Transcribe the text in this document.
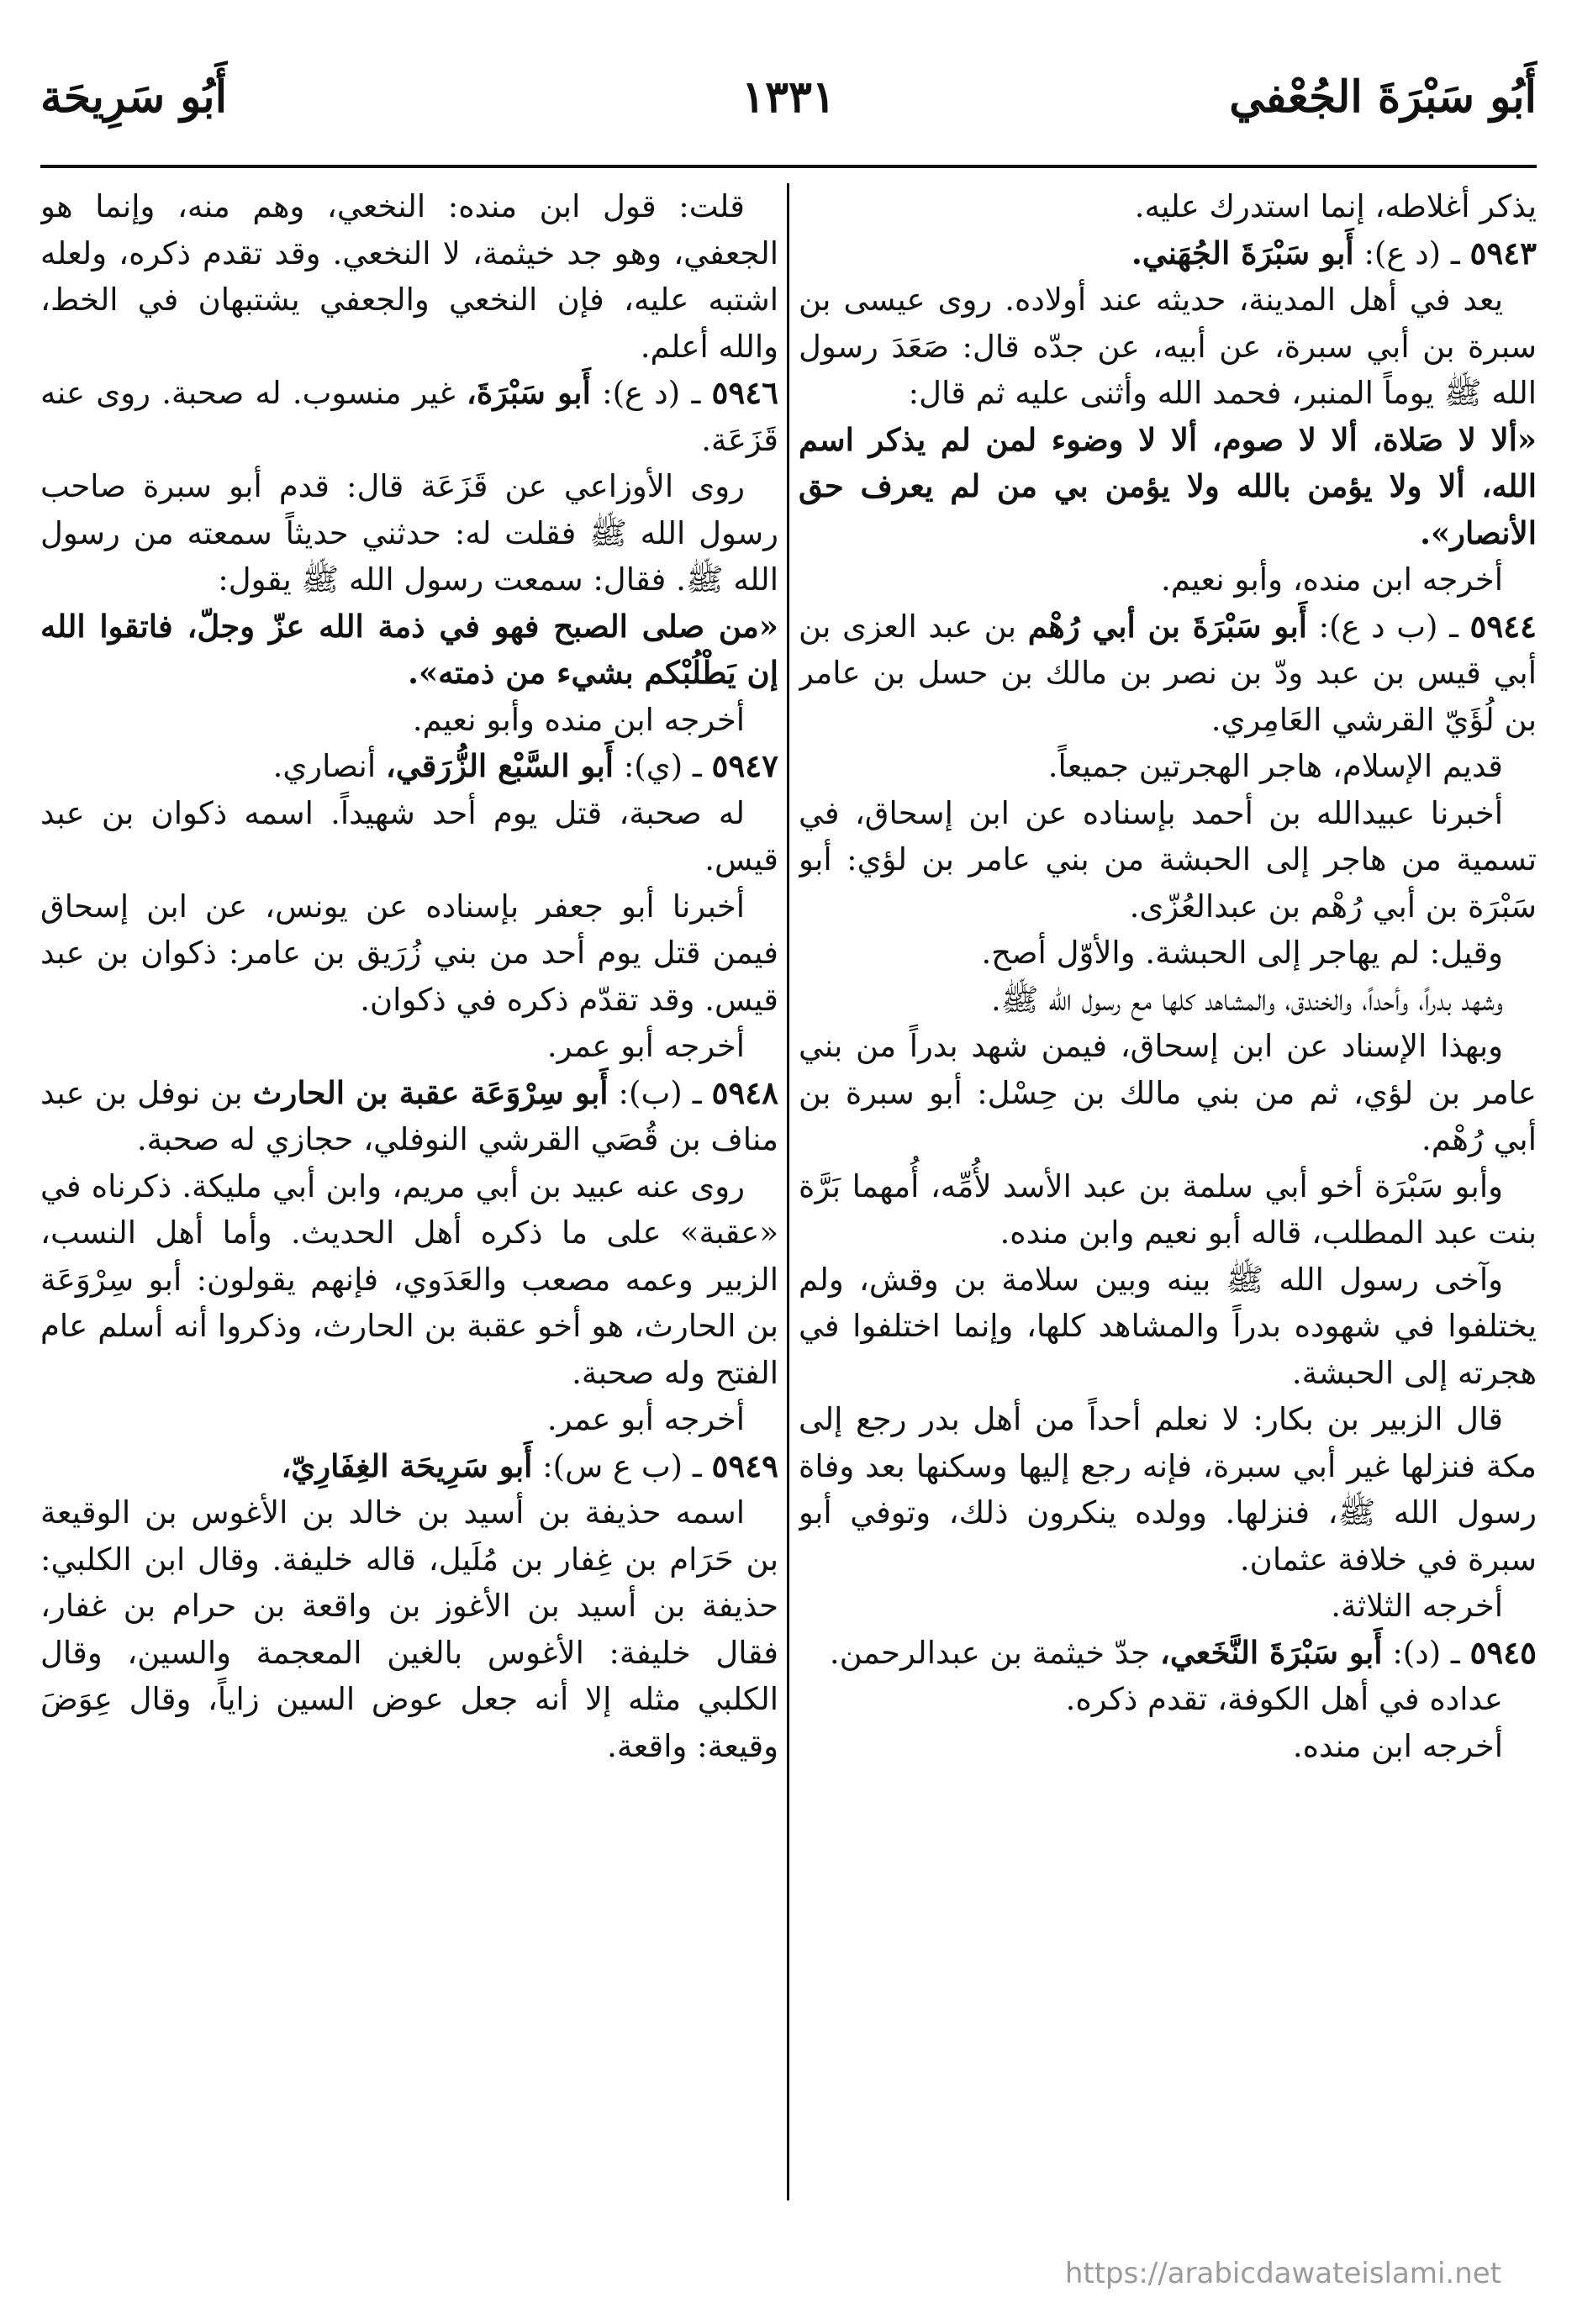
أَبُو سَبْرَةَ الجُعْفي
١٣٣١
أَبُو سَرِيحَة

يذكر أغلاطه، إنما استدرك عليه.

٥٩٤٣ ـ (د ع): أَبو سَبْرَةَ الجُهَني.

يعد في أهل المدينة، حديثه عند أولاده. روى عيسى بن سبرة بن أبي سبرة، عن أبيه، عن جدّه قال: صَعَدَ رسول الله ﷺ يوماً المنبر، فحمد الله وأثنى عليه ثم قال:

«ألا لا صَلاة، ألا لا صوم، ألا لا وضوء لمن لم يذكر اسم الله، ألا ولا يؤمن بالله ولا يؤمن بي من لم يعرف حق الأنصار».

أخرجه ابن منده، وأبو نعيم.

٥٩٤٤ ـ (ب د ع): أَبو سَبْرَةَ بن أبي رُهْم بن عبد العزى بن أبي قيس بن عبد ودّ بن نصر بن مالك بن حسل بن عامر بن لُؤَيّ القرشي العَامِري.

قديم الإسلام، هاجر الهجرتين جميعاً.

أخبرنا عبيدالله بن أحمد بإسناده عن ابن إسحاق، في تسمية من هاجر إلى الحبشة من بني عامر بن لؤي: أبو سَبْرَة بن أبي رُهْم بن عبدالعُزّى.

وقيل: لم يهاجر إلى الحبشة. والأوّل أصح.

وشهد بدراً، وأحداً، والخندق، والمشاهد كلها مع رسول الله ﷺ.

وبهذا الإسناد عن ابن إسحاق، فيمن شهد بدراً من بني عامر بن لؤي، ثم من بني مالك بن حِسْل: أبو سبرة بن أبي رُهْم.

وأبو سَبْرَة أخو أبي سلمة بن عبد الأسد لأُمِّه، أُمهما بَرَّة بنت عبد المطلب، قاله أبو نعيم وابن منده.

وآخى رسول الله ﷺ بينه وبين سلامة بن وقش، ولم يختلفوا في شهوده بدراً والمشاهد كلها، وإنما اختلفوا في هجرته إلى الحبشة.

قال الزبير بن بكار: لا نعلم أحداً من أهل بدر رجع إلى مكة فنزلها غير أبي سبرة، فإنه رجع إليها وسكنها بعد وفاة رسول الله ﷺ، فنزلها. وولده ينكرون ذلك، وتوفي أبو سبرة في خلافة عثمان.

أخرجه الثلاثة.

٥٩٤٥ ـ (د): أَبو سَبْرَةَ النَّخَعي، جدّ خيثمة بن عبدالرحمن.

عداده في أهل الكوفة، تقدم ذكره.

أخرجه ابن منده.

قلت: قول ابن منده: النخعي، وهم منه، وإنما هو الجعفي، وهو جد خيثمة، لا النخعي. وقد تقدم ذكره، ولعله اشتبه عليه، فإن النخعي والجعفي يشتبهان في الخط، والله أعلم.

٥٩٤٦ ـ (د ع): أَبو سَبْرَةَ، غير منسوب. له صحبة. روى عنه قَزَعَة.

روى الأوزاعي عن قَزَعَة قال: قدم أبو سبرة صاحب رسول الله ﷺ فقلت له: حدثني حديثاً سمعته من رسول الله ﷺ. فقال: سمعت رسول الله ﷺ يقول:

«من صلى الصبح فهو في ذمة الله عزّ وجلّ، فاتقوا الله إن يَطْلُبْكم بشيء من ذمته».

أخرجه ابن منده وأبو نعيم.

٥٩٤٧ ـ (ي): أَبو السَّبْع الزُّرَقي، أنصاري.

له صحبة، قتل يوم أحد شهيداً. اسمه ذكوان بن عبد قيس.

أخبرنا أبو جعفر بإسناده عن يونس، عن ابن إسحاق فيمن قتل يوم أحد من بني زُرَيق بن عامر: ذكوان بن عبد قيس. وقد تقدّم ذكره في ذكوان.

أخرجه أبو عمر.

٥٩٤٨ ـ (ب): أَبو سِرْوَعَة عقبة بن الحارث بن نوفل بن عبد مناف بن قُصَي القرشي النوفلي، حجازي له صحبة.

روى عنه عبيد بن أبي مريم، وابن أبي مليكة. ذكرناه في «عقبة» على ما ذكره أهل الحديث. وأما أهل النسب، الزبير وعمه مصعب والعَدَوي، فإنهم يقولون: أبو سِرْوَعَة بن الحارث، هو أخو عقبة بن الحارث، وذكروا أنه أسلم عام الفتح وله صحبة.

أخرجه أبو عمر.

٥٩٤٩ ـ (ب ع س): أَبو سَرِيحَة الغِفَارِيّ،

اسمه حذيفة بن أسيد بن خالد بن الأغوس بن الوقيعة بن حَرَام بن غِفار بن مُلَيل، قاله خليفة. وقال ابن الكلبي: حذيفة بن أسيد بن الأغوز بن واقعة بن حرام بن غفار، فقال خليفة: الأغوس بالغين المعجمة والسين، وقال الكلبي مثله إلا أنه جعل عوض السين زاياً، وقال عِوَضَ وقيعة: واقعة.

https://arabicdawateislami.net
